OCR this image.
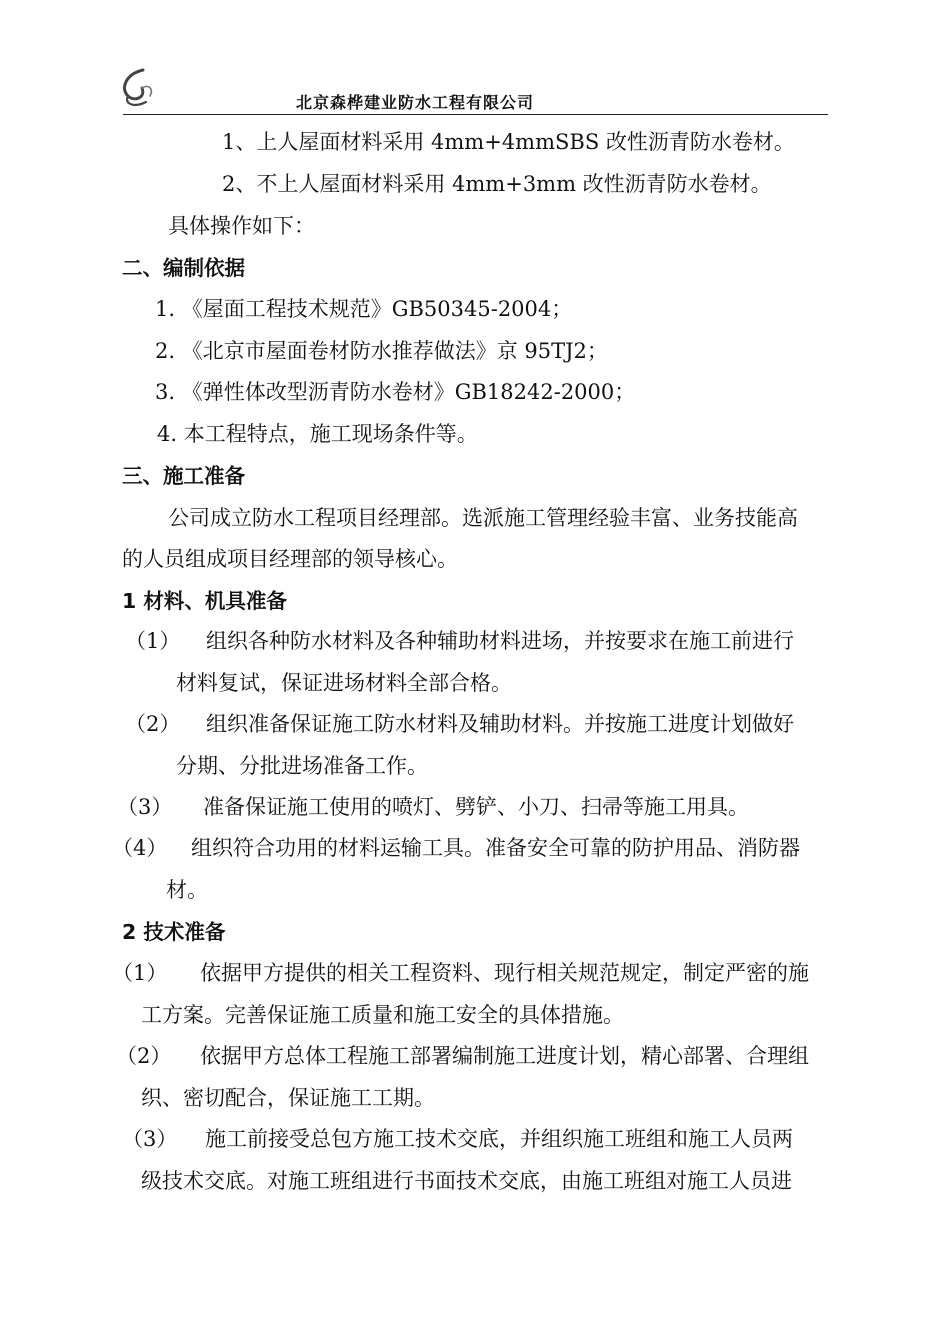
北京森桦建业防水工程有限公司
1、上人屋面材料采用 4mm+4mmSBS 改性沥青防水卷材。
2、不上人屋面材料采用 4mm+3mm 改性沥青防水卷材。
具体操作如下：
二、编制依据
1. 《屋面工程技术规范》GB50345-2004；
2. 《北京市屋面卷材防水推荐做法》京 95TJ2；
3. 《弹性体改型沥青防水卷材》GB18242-2000；
4. 本工程特点，施工现场条件等。
三、施工准备
公司成立防水工程项目经理部。选派施工管理经验丰富、业务技能高
的人员组成项目经理部的领导核心。
1 材料、机具准备
（1） 组织各种防水材料及各种辅助材料进场，并按要求在施工前进行
材料复试，保证进场材料全部合格。
（2） 组织准备保证施工防水材料及辅助材料。并按施工进度计划做好
分期、分批进场准备工作。
（3） 准备保证施工使用的喷灯、劈铲、小刀、扫帚等施工用具。
（4） 组织符合功用的材料运输工具。准备安全可靠的防护用品、消防器
材。
2 技术准备
（1） 依据甲方提供的相关工程资料、现行相关规范规定，制定严密的施
工方案。完善保证施工质量和施工安全的具体措施。
（2） 依据甲方总体工程施工部署编制施工进度计划，精心部署、合理组
织、密切配合，保证施工工期。
（3） 施工前接受总包方施工技术交底，并组织施工班组和施工人员两
级技术交底。对施工班组进行书面技术交底，由施工班组对施工人员进
